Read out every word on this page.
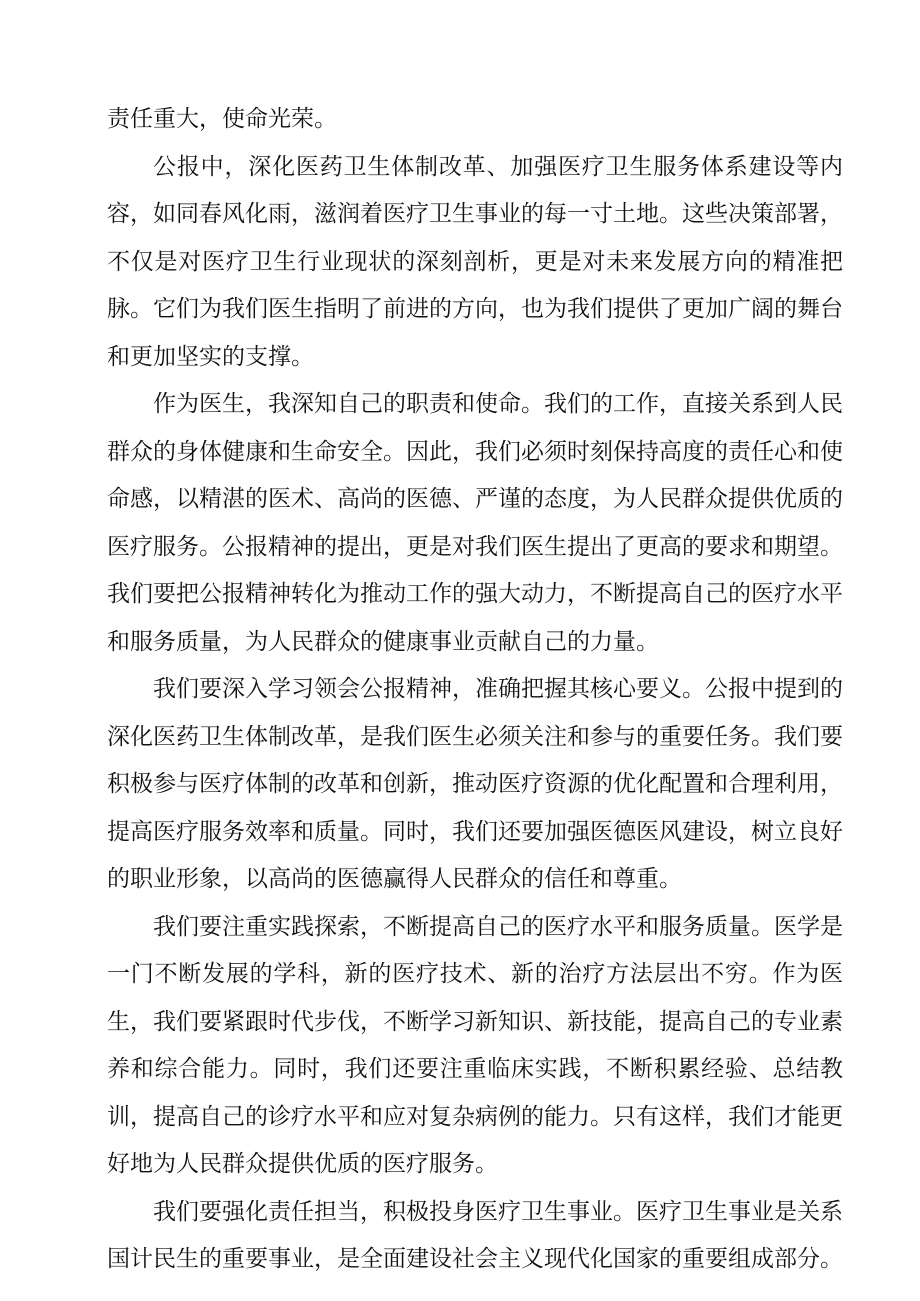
责任重大，使命光荣。

公报中，深化医药卫生体制改革、加强医疗卫生服务体系建设等内容，如同春风化雨，滋润着医疗卫生事业的每一寸土地。这些决策部署，不仅是对医疗卫生行业现状的深刻剖析，更是对未来发展方向的精准把脉。它们为我们医生指明了前进的方向，也为我们提供了更加广阔的舞台和更加坚实的支撑。

作为医生，我深知自己的职责和使命。我们的工作，直接关系到人民群众的身体健康和生命安全。因此，我们必须时刻保持高度的责任心和使命感，以精湛的医术、高尚的医德、严谨的态度，为人民群众提供优质的医疗服务。公报精神的提出，更是对我们医生提出了更高的要求和期望。我们要把公报精神转化为推动工作的强大动力，不断提高自己的医疗水平和服务质量，为人民群众的健康事业贡献自己的力量。

我们要深入学习领会公报精神，准确把握其核心要义。公报中提到的深化医药卫生体制改革，是我们医生必须关注和参与的重要任务。我们要积极参与医疗体制的改革和创新，推动医疗资源的优化配置和合理利用，提高医疗服务效率和质量。同时，我们还要加强医德医风建设，树立良好的职业形象，以高尚的医德赢得人民群众的信任和尊重。

我们要注重实践探索，不断提高自己的医疗水平和服务质量。医学是一门不断发展的学科，新的医疗技术、新的治疗方法层出不穷。作为医生，我们要紧跟时代步伐，不断学习新知识、新技能，提高自己的专业素养和综合能力。同时，我们还要注重临床实践，不断积累经验、总结教训，提高自己的诊疗水平和应对复杂病例的能力。只有这样，我们才能更好地为人民群众提供优质的医疗服务。

我们要强化责任担当，积极投身医疗卫生事业。医疗卫生事业是关系国计民生的重要事业，是全面建设社会主义现代化国家的重要组成部分。
